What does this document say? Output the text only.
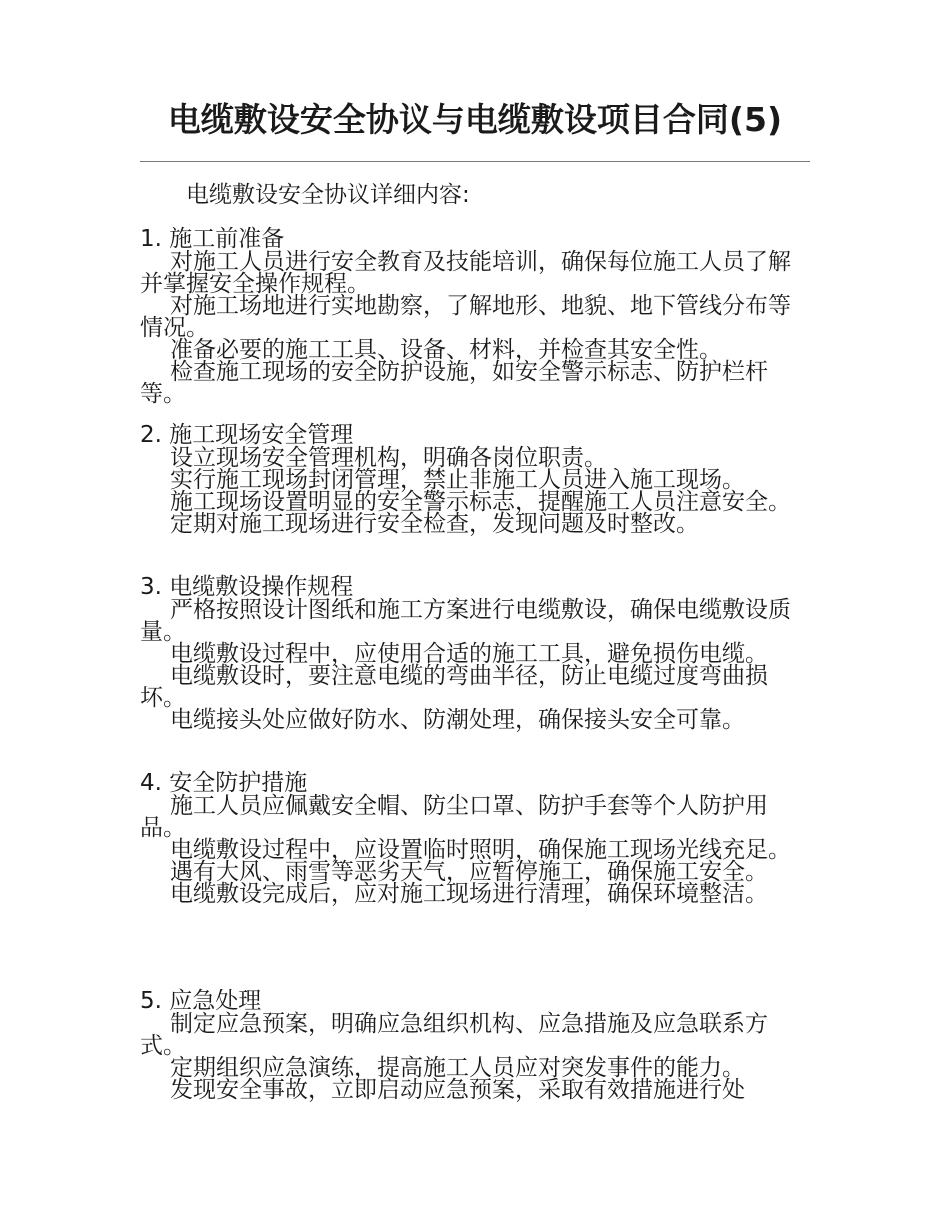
电缆敷设安全协议与电缆敷设项目合同(5)
电缆敷设安全协议详细内容:
1. 施工前准备

对施工人员进行安全教育及技能培训，确保每位施工人员了解并掌握安全操作规程。

对施工场地进行实地勘察，了解地形、地貌、地下管线分布等情况。

准备必要的施工工具、设备、材料，并检查其安全性。

检查施工现场的安全防护设施，如安全警示标志、防护栏杆等。

2. 施工现场安全管理

设立现场安全管理机构，明确各岗位职责。

实行施工现场封闭管理，禁止非施工人员进入施工现场。

施工现场设置明显的安全警示标志，提醒施工人员注意安全。

定期对施工现场进行安全检查，发现问题及时整改。

3. 电缆敷设操作规程

严格按照设计图纸和施工方案进行电缆敷设，确保电缆敷设质量。

电缆敷设过程中，应使用合适的施工工具，避免损伤电缆。

电缆敷设时，要注意电缆的弯曲半径，防止电缆过度弯曲损坏。

电缆接头处应做好防水、防潮处理，确保接头安全可靠。

4. 安全防护措施

施工人员应佩戴安全帽、防尘口罩、防护手套等个人防护用品。

电缆敷设过程中，应设置临时照明，确保施工现场光线充足。

遇有大风、雨雪等恶劣天气，应暂停施工，确保施工安全。

电缆敷设完成后，应对施工现场进行清理，确保环境整洁。

5. 应急处理

制定应急预案，明确应急组织机构、应急措施及应急联系方式。

定期组织应急演练，提高施工人员应对突发事件的能力。

发现安全事故，立即启动应急预案，采取有效措施进行处
